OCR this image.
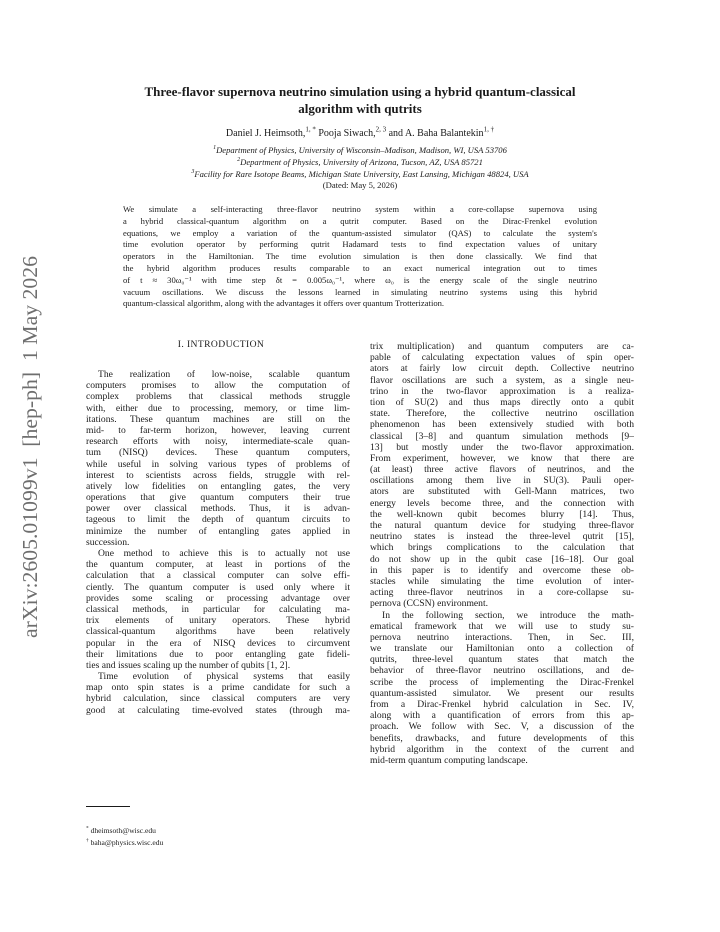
arXiv:2605.01099v1  [hep-ph]  1 May 2026
Three-flavor supernova neutrino simulation using a hybrid quantum-classical
algorithm with qutrits
Daniel J. Heimsoth,$^{1, *}$ Pooja Siwach,$^{2, 3}$ and A. Baha Balantekin$^{1, \dagger}$
$^1$Department of Physics, University of Wisconsin–Madison, Madison, WI, USA 53706
$^2$Department of Physics, University of Arizona, Tucson, AZ, USA 85721
$^3$Facility for Rare Isotope Beams, Michigan State University, East Lansing, Michigan 48824, USA
(Dated: May 5, 2026)
We simulate a self-interacting three-flavor neutrino system within a core-collapse supernova using
a hybrid classical-quantum algorithm on a qutrit computer. Based on the Dirac-Frenkel evolution
equations, we employ a variation of the quantum-assisted simulator (QAS) to calculate the system's
time evolution operator by performing qutrit Hadamard tests to find expectation values of unitary
operators in the Hamiltonian. The time evolution simulation is then done classically. We find that
the hybrid algorithm produces results comparable to an exact numerical integration out to times
of t ≈ 30ω₀⁻¹ with time step δt = 0.005ω₀⁻¹, where ω₀ is the energy scale of the single neutrino
vacuum oscillations. We discuss the lessons learned in simulating neutrino systems using this hybrid
quantum-classical algorithm, along with the advantages it offers over quantum Trotterization.
I. INTRODUCTION
The realization of low-noise, scalable quantum
computers promises to allow the computation of
complex problems that classical methods struggle
with, either due to processing, memory, or time lim-
itations. These quantum machines are still on the
mid- to far-term horizon, however, leaving current
research efforts with noisy, intermediate-scale quan-
tum (NISQ) devices. These quantum computers,
while useful in solving various types of problems of
interest to scientists across fields, struggle with rel-
atively low fidelities on entangling gates, the very
operations that give quantum computers their true
power over classical methods. Thus, it is advan-
tageous to limit the depth of quantum circuits to
minimize the number of entangling gates applied in
succession.
One method to achieve this is to actually not use
the quantum computer, at least in portions of the
calculation that a classical computer can solve effi-
ciently. The quantum computer is used only where it
provides some scaling or processing advantage over
classical methods, in particular for calculating ma-
trix elements of unitary operators. These hybrid
classical-quantum algorithms have been relatively
popular in the era of NISQ devices to circumvent
their limitations due to poor entangling gate fideli-
ties and issues scaling up the number of qubits [1, 2].
Time evolution of physical systems that easily
map onto spin states is a prime candidate for such a
hybrid calculation, since classical computers are very
good at calculating time-evolved states (through ma-
trix multiplication) and quantum computers are ca-
pable of calculating expectation values of spin oper-
ators at fairly low circuit depth. Collective neutrino
flavor oscillations are such a system, as a single neu-
trino in the two-flavor approximation is a realiza-
tion of SU(2) and thus maps directly onto a qubit
state. Therefore, the collective neutrino oscillation
phenomenon has been extensively studied with both
classical [3–8] and quantum simulation methods [9–
13] but mostly under the two-flavor approximation.
From experiment, however, we know that there are
(at least) three active flavors of neutrinos, and the
oscillations among them live in SU(3). Pauli oper-
ators are substituted with Gell-Mann matrices, two
energy levels become three, and the connection with
the well-known qubit becomes blurry [14]. Thus,
the natural quantum device for studying three-flavor
neutrino states is instead the three-level qutrit [15],
which brings complications to the calculation that
do not show up in the qubit case [16–18]. Our goal
in this paper is to identify and overcome these ob-
stacles while simulating the time evolution of inter-
acting three-flavor neutrinos in a core-collapse su-
pernova (CCSN) environment.
In the following section, we introduce the math-
ematical framework that we will use to study su-
pernova neutrino interactions. Then, in Sec. III,
we translate our Hamiltonian onto a collection of
qutrits, three-level quantum states that match the
behavior of three-flavor neutrino oscillations, and de-
scribe the process of implementing the Dirac-Frenkel
quantum-assisted simulator. We present our results
from a Dirac-Frenkel hybrid calculation in Sec. IV,
along with a quantification of errors from this ap-
proach. We follow with Sec. V, a discussion of the
benefits, drawbacks, and future developments of this
hybrid algorithm in the context of the current and
mid-term quantum computing landscape.
* dheimsoth@wisc.edu
† baha@physics.wisc.edu
